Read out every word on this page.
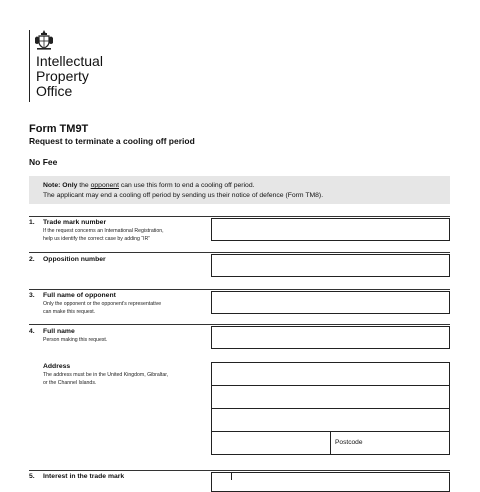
Intellectual
Property
Office
Form TM9T
Request to terminate a cooling off period
No Fee
Note: Only the opponent can use this form to end a cooling off period.
The applicant may end a cooling off period by sending us their notice of defence (Form TM8).
1. Trade mark number
If the request concerns an International Registration,
help us identify the correct case by adding “IR”
2. Opposition number
3. Full name of opponent
Only the opponent or the opponent’s representative
can make this request.
4. Full name
Person making this request.
Address
The address must be in the United Kingdom, Gibraltar,
or the Channel Islands.
Postcode
5. Interest in the trade mark
